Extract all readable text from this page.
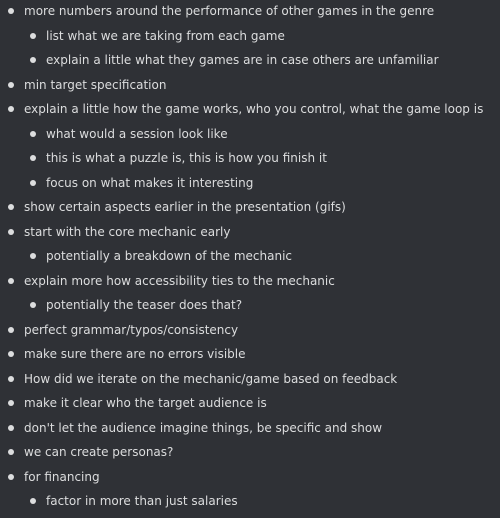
more numbers around the performance of other games in the genre
list what we are taking from each game
explain a little what they games are in case others are unfamiliar
min target specification
explain a little how the game works, who you control, what the game loop is
what would a session look like
this is what a puzzle is, this is how you finish it
focus on what makes it interesting
show certain aspects earlier in the presentation (gifs)
start with the core mechanic early
potentially a breakdown of the mechanic
explain more how accessibility ties to the mechanic
potentially the teaser does that?
perfect grammar/typos/consistency
make sure there are no errors visible
How did we iterate on the mechanic/game based on feedback
make it clear who the target audience is
don't let the audience imagine things, be specific and show
we can create personas?
for financing
factor in more than just salaries
